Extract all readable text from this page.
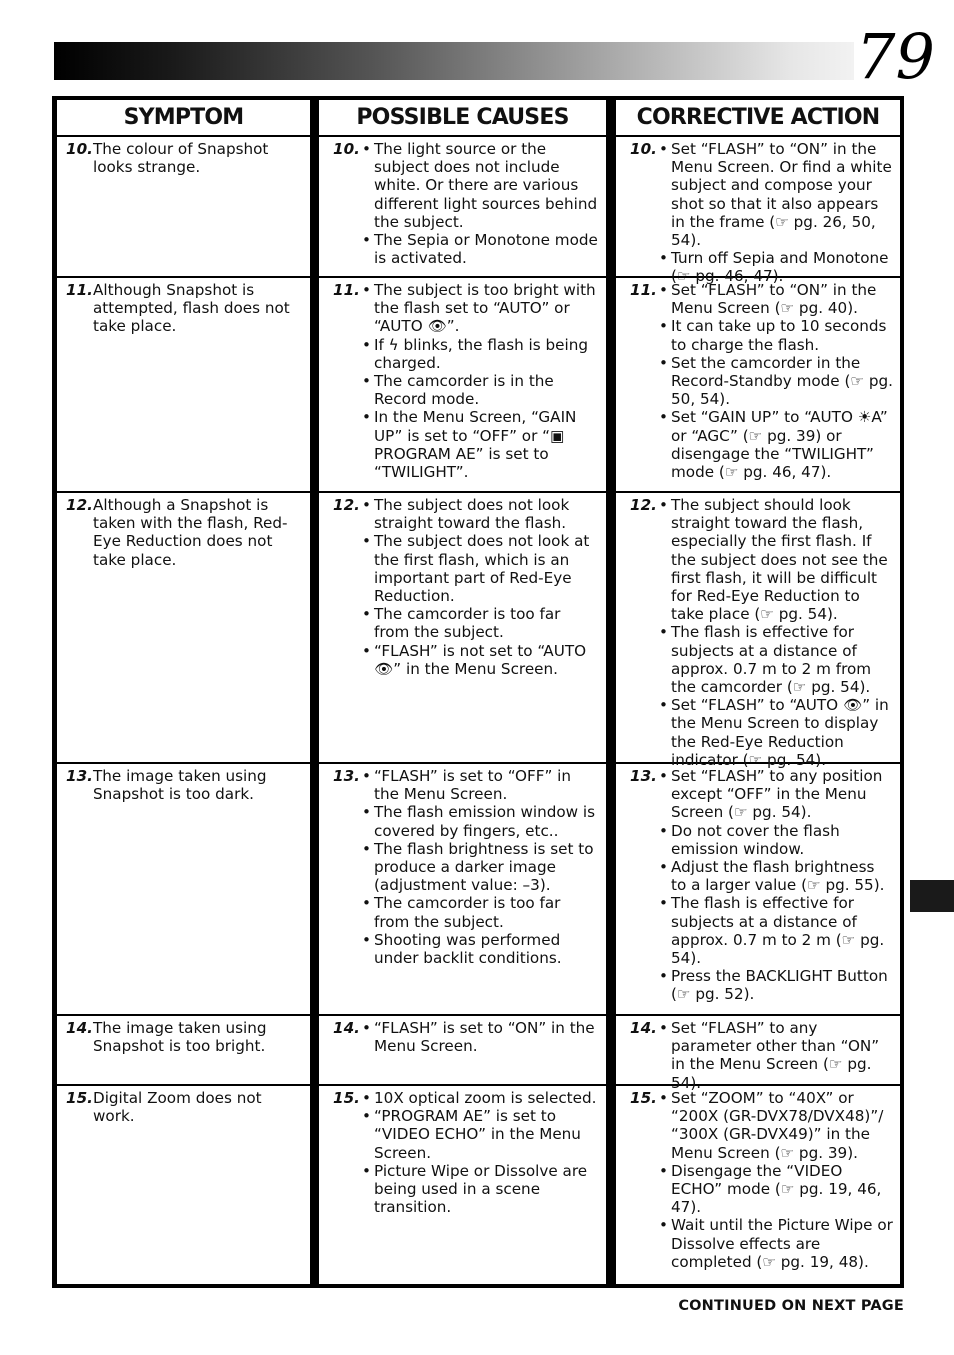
79
SYMPTOM	POSSIBLE CAUSES	CORRECTIVE ACTION
10. The colour of Snapshot looks strange.
10. • The light source or the subject does not include white. Or there are various different light sources behind the subject.
• The Sepia or Monotone mode is activated.
10. • Set “FLASH” to “ON” in the Menu Screen. Or find a white subject and compose your shot so that it also appears in the frame (☞ pg. 26, 50, 54).
• Turn off Sepia and Monotone (☞ pg. 46, 47).
11. Although Snapshot is attempted, flash does not take place.
11. • The subject is too bright with the flash set to “AUTO” or “AUTO 👁”.
• If ϟ blinks, the flash is being charged.
• The camcorder is in the Record mode.
• In the Menu Screen, “GAIN UP” is set to “OFF” or “▣ PROGRAM AE” is set to “TWILIGHT”.
11. • Set “FLASH” to “ON” in the Menu Screen (☞ pg. 40).
• It can take up to 10 seconds to charge the flash.
• Set the camcorder in the Record-Standby mode (☞ pg. 50, 54).
• Set “GAIN UP” to “AUTO ☀A” or “AGC” (☞ pg. 39) or disengage the “TWILIGHT” mode (☞ pg. 46, 47).
12. Although a Snapshot is taken with the flash, Red-Eye Reduction does not take place.
12. • The subject does not look straight toward the flash.
• The subject does not look at the first flash, which is an important part of Red-Eye Reduction.
• The camcorder is too far from the subject.
• “FLASH” is not set to “AUTO 👁” in the Menu Screen.
12. • The subject should look straight toward the flash, especially the first flash. If the subject does not see the first flash, it will be difficult for Red-Eye Reduction to take place (☞ pg. 54).
• The flash is effective for subjects at a distance of approx. 0.7 m to 2 m from the camcorder (☞ pg. 54).
• Set “FLASH” to “AUTO 👁” in the Menu Screen to display the Red-Eye Reduction indicator (☞ pg. 54).
13. The image taken using Snapshot is too dark.
13. • “FLASH” is set to “OFF” in the Menu Screen.
• The flash emission window is covered by fingers, etc..
• The flash brightness is set to produce a darker image (adjustment value: –3).
• The camcorder is too far from the subject.
• Shooting was performed under backlit conditions.
13. • Set “FLASH” to any position except “OFF” in the Menu Screen (☞ pg. 54).
• Do not cover the flash emission window.
• Adjust the flash brightness to a larger value (☞ pg. 55).
• The flash is effective for subjects at a distance of approx. 0.7 m to 2 m (☞ pg. 54).
• Press the BACKLIGHT Button (☞ pg. 52).
14. The image taken using Snapshot is too bright.
14. • “FLASH” is set to “ON” in the Menu Screen.
14. • Set “FLASH” to any parameter other than “ON” in the Menu Screen (☞ pg. 54).
15. Digital Zoom does not work.
15. • 10X optical zoom is selected.
• “PROGRAM AE” is set to “VIDEO ECHO” in the Menu Screen.
• Picture Wipe or Dissolve are being used in a scene transition.
15. • Set “ZOOM” to “40X” or “200X (GR-DVX78/DVX48)”/ “300X (GR-DVX49)” in the Menu Screen (☞ pg. 39).
• Disengage the “VIDEO ECHO” mode (☞ pg. 19, 46, 47).
• Wait until the Picture Wipe or Dissolve effects are completed (☞ pg. 19, 48).
CONTINUED ON NEXT PAGE
